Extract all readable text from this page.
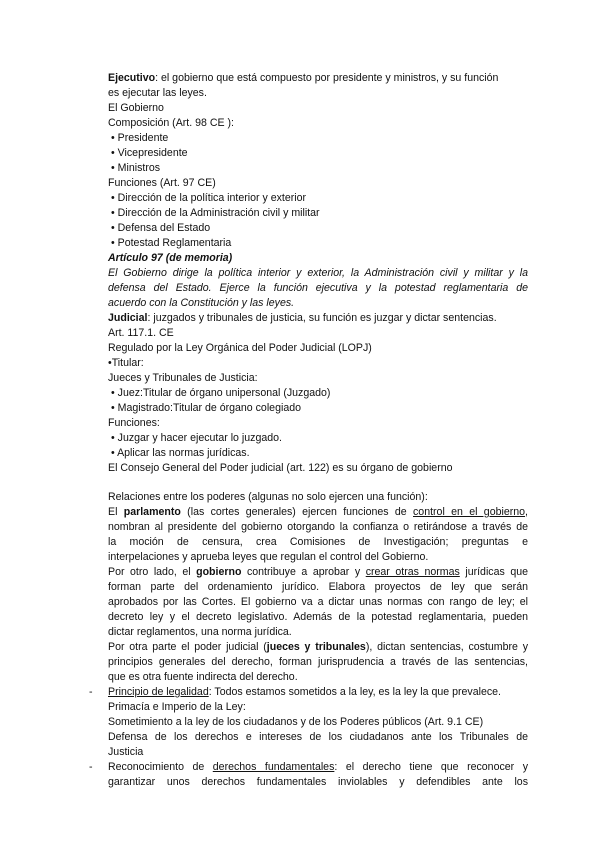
Ejecutivo: el gobierno que está compuesto por presidente y ministros, y su función
es ejecutar las leyes.
El Gobierno
Composición (Art. 98 CE ):
• Presidente
• Vicepresidente
• Ministros
Funciones (Art. 97 CE)
• Dirección de la política interior y exterior
• Dirección de la Administración civil y militar
• Defensa del Estado
• Potestad Reglamentaria
Artículo 97 (de memoria)
El Gobierno dirige la política interior y exterior, la Administración civil y militar y la
defensa del Estado. Ejerce la función ejecutiva y la potestad reglamentaria de
acuerdo con la Constitución y las leyes.
Judicial: juzgados y tribunales de justicia, su función es juzgar y dictar sentencias.
Art. 117.1. CE
Regulado por la Ley Orgánica del Poder Judicial (LOPJ)
•Titular:
Jueces y Tribunales de Justicia:
• Juez:Titular de órgano unipersonal (Juzgado)
• Magistrado:Titular de órgano colegiado
Funciones:
• Juzgar y hacer ejecutar lo juzgado.
• Aplicar las normas jurídicas.
El Consejo General del Poder judicial (art. 122) es su órgano de gobierno
Relaciones entre los poderes (algunas no solo ejercen una función):
El parlamento (las cortes generales) ejercen funciones de control en el gobierno,
nombran al presidente del gobierno otorgando la confianza o retirándose a través de
la moción de censura, crea Comisiones de Investigación; preguntas e
interpelaciones y aprueba leyes que regulan el control del Gobierno.
Por otro lado, el gobierno contribuye a aprobar y crear otras normas jurídicas que
forman parte del ordenamiento jurídico. Elabora proyectos de ley que serán
aprobados por las Cortes. El gobierno va a dictar unas normas con rango de ley; el
decreto ley y el decreto legislativo. Además de la potestad reglamentaria, pueden
dictar reglamentos, una norma jurídica.
Por otra parte el poder judicial (jueces y tribunales), dictan sentencias, costumbre y
principios generales del derecho, forman jurisprudencia a través de las sentencias,
que es otra fuente indirecta del derecho.
- Principio de legalidad: Todos estamos sometidos a la ley, es la ley la que prevalece.
Primacía e Imperio de la Ley:
Sometimiento a la ley de los ciudadanos y de los Poderes públicos (Art. 9.1 CE)
Defensa de los derechos e intereses de los ciudadanos ante los Tribunales de
Justicia
- Reconocimiento de derechos fundamentales: el derecho tiene que reconocer y
garantizar unos derechos fundamentales inviolables y defendibles ante los
